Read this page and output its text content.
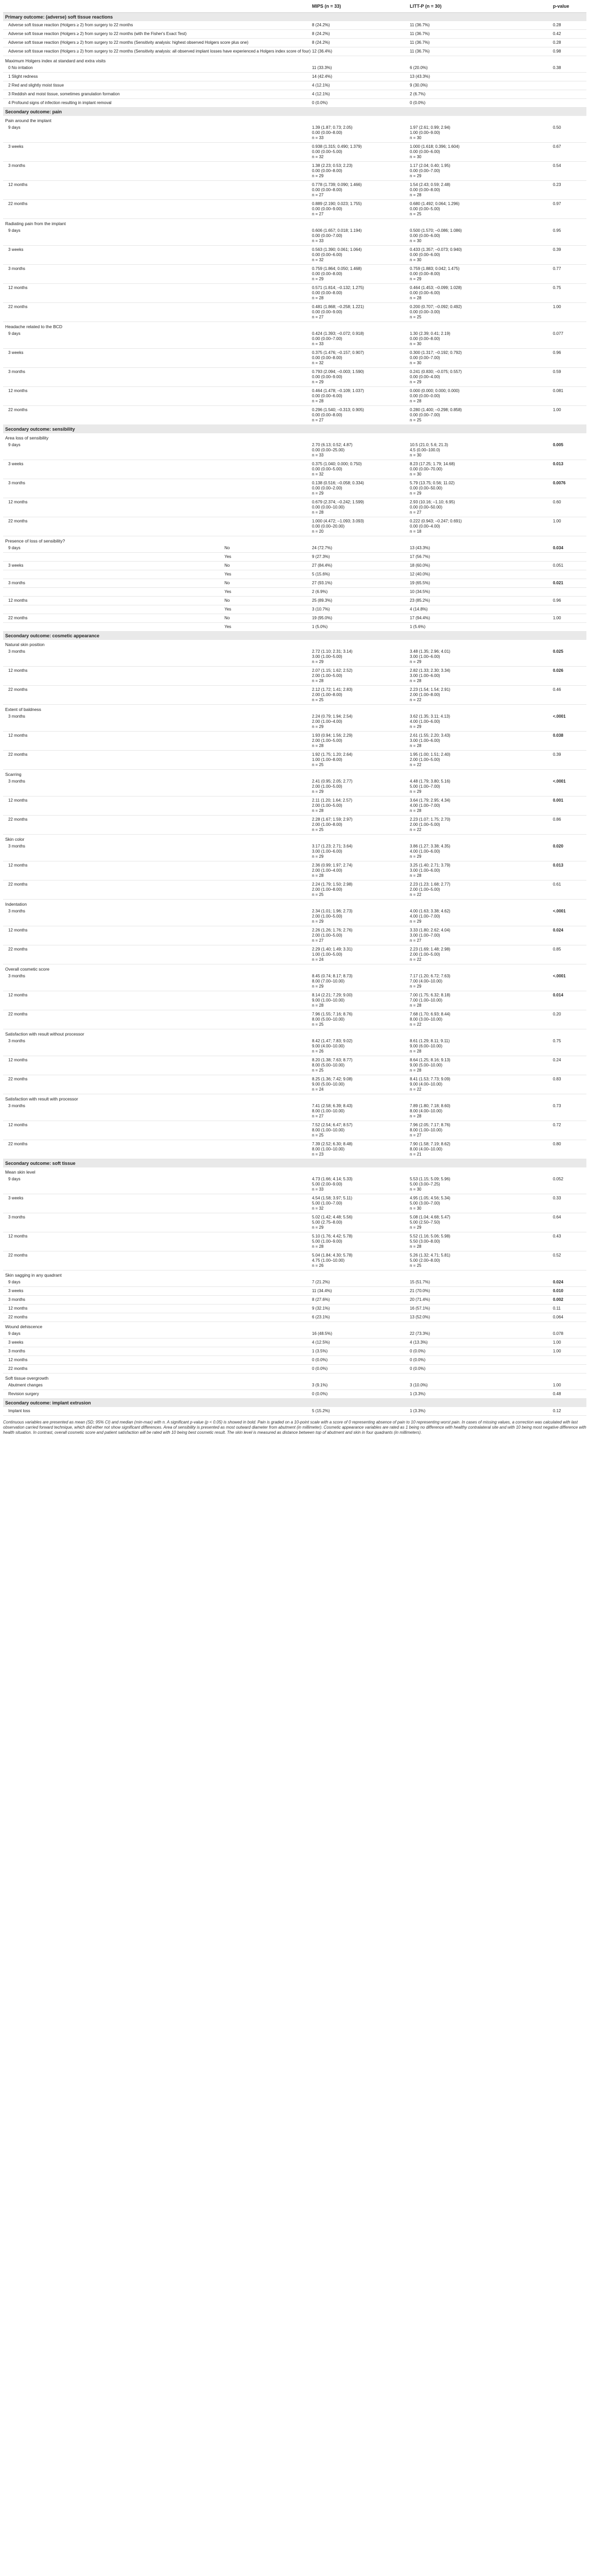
			MIPS (n = 33)	LITT-P (n = 30)	p-value
Primary outcome: (adverse) soft tissue reactions					
Adverse soft tissue reaction (Holgers ≥ 2) from surgery to 22 months			8 (24.2%)	11 (36.7%)	0.28
Adverse soft tissue reaction (Holgers ≥ 2) from surgery to 22 months (with the Fisher's Exact Test)			8 (24.2%)	11 (36.7%)	0.42
Adverse soft tissue reaction (Holgers ≥ 2) from surgery to 22 months (Sensitivity analysis: highest observed Holgers score plus one)			8 (24.2%)	11 (36.7%)	0.28
Adverse soft tissue reaction (Holgers ≥ 2) from surgery to 22 months (Sensitivity analysis: all observed implant losses have experienced a Holgers index score of four)			12 (36.4%)	11 (36.7%)	0.98
Maximum Holgers index at standard and extra visits					
0 No irritation			11 (33.3%)	6 (20.0%)	0.38
1 Slight redness			14 (42.4%)	13 (43.3%)	

2 Red and slightly moist tissue			4 (12.1%)	9 (30.0%)	

3 Reddish and moist tissue, sometimes granulation formation			4 (12.1%)	2 (6.7%)	

4 Profound signs of infection resulting in implant removal			0 (0.0%)	0 (0.0%)	

Secondary outcome: pain					
Pain around the implant					
9 days			1.39 (1.87; 0.73; 2.05)
0.00 (0.00–8.00)
n = 33	1.97 (2.61; 0.99; 2.94)
1.00 (0.00–9.00)
n = 30	0.50
3 weeks			0.938 (1.315; 0.490; 1.379)
0.00 (0.00–5.00)
n = 32	1.000 (1.618; 0.396; 1.604)
0.00 (0.00–6.00)
n = 30	0.67
3 months			1.38 (2.23; 0.53; 2.23)
0.00 (0.00–8.00)
n = 29	1.17 (2.04; 0.40; 1.95)
0.00 (0.00–7.00)
n = 29	0.54
12 months			0.778 (1.739; 0.090; 1.466)
0.00 (0.00–8.00)
n = 27	1.54 (2.43; 0.59; 2.48)
0.00 (0.00–8.00)
n = 28	0.23
22 months			0.889 (2.190; 0.023; 1.755)
0.00 (0.00–9.00)
n = 27	0.680 (1.492; 0.064; 1.296)
0.00 (0.00–5.00)
n = 25	0.97
Radiating pain from the implant					
9 days			0.606 (1.657; 0.018; 1.194)
0.00 (0.00–7.00)
n = 33	0.500 (1.570; –0.086; 1.086)
0.00 (0.00–6.00)
n = 30	0.95
3 weeks			0.563 (1.390; 0.061; 1.064)
0.00 (0.00–6.00)
n = 32	0.433 (1.357; –0.073; 0.940)
0.00 (0.00–6.00)
n = 30	0.39
3 months			0.759 (1.864; 0.050; 1.468)
0.00 (0.00–8.00)
n = 29	0.759 (1.883; 0.042; 1.475)
0.00 (0.00–8.00)
n = 29	0.77
12 months			0.571 (1.814; –0.132; 1.275)
0.00 (0.00–8.00)
n = 28	0.464 (1.453; –0.099; 1.028)
0.00 (0.00–6.00)
n = 28	0.75
22 months			0.481 (1.868; –0.258; 1.221)
0.00 (0.00–9.00)
n = 27	0.200 (0.707; –0.092; 0.492)
0.00 (0.00–3.00)
n = 25	1.00
Headache related to the BCD					
9 days			0.424 (1.393; –0.072; 0.918)
0.00 (0.00–7.00)
n = 33	1.30 (2.39; 0.41; 2.19)
0.00 (0.00–8.00)
n = 30	0.077
3 weeks			0.375 (1.476; –0.157; 0.907)
0.00 (0.00–8.00)
n = 32	0.300 (1.317; –0.192; 0.792)
0.00 (0.00–7.00)
n = 30	0.96
3 months			0.793 (2.094; –0.003; 1.590)
0.00 (0.00–9.00)
n = 29	0.241 (0.830; –0.075; 0.557)
0.00 (0.00–4.00)
n = 29	0.59
12 months			0.464 (1.478; –0.109; 1.037)
0.00 (0.00–6.00)
n = 28	0.000 (0.000; 0.000; 0.000)
0.00 (0.00–0.00)
n = 28	0.081
22 months			0.296 (1.540; –0.313; 0.905)
0.00 (0.00–8.00)
n = 27	0.280 (1.400; –0.298; 0.858)
0.00 (0.00–7.00)
n = 25	1.00
Secondary outcome: sensibility					
Area loss of sensibility					
9 days			2.70 (6.13; 0.52; 4.87)
0.00 (0.00–25.00)
n = 33	10.5 (21.0; 5.6; 21.3)
4.5 (0.00–100.0)
n = 30	0.005
3 weeks			0.375 (1.040; 0.000; 0.750)
0.00 (0.00–5.00)
n = 32	8.23 (17.25; 1.79; 14.68)
0.00 (0.00–70.00)
n = 30	0.013
3 months			0.138 (0.516; –0.058; 0.334)
0.00 (0.00–2.00)
n = 29	5.79 (13.75; 0.56; 11.02)
0.00 (0.00–50.00)
n = 29	0.0076
12 months			0.679 (2.374; –0.242; 1.599)
0.00 (0.00–10.00)
n = 28	2.93 (10.16; –1.10; 6.95)
0.00 (0.00–50.00)
n = 27	0.60
22 months			1.000 (4.472; –1.093; 3.093)
0.00 (0.00–20.00)
n = 20	0.222 (0.943; –0.247; 0.691)
0.00 (0.00–4.00)
n = 18	1.00
Presence of loss of sensibility?					
9 days		No	24 (72.7%)	13 (43.3%)	0.034
		Yes	9 (27.3%)	17 (56.7%)	

3 weeks		No	27 (84.4%)	18 (60.0%)	0.051
		Yes	5 (15.6%)	12 (40.0%)	

3 months		No	27 (93.1%)	19 (65.5%)	0.021
		Yes	2 (6.9%)	10 (34.5%)	

12 months		No	25 (89.3%)	23 (85.2%)	0.96
		Yes	3 (10.7%)	4 (14.8%)	

22 months		No	19 (95.0%)	17 (94.4%)	1.00
		Yes	1 (5.0%)	1 (5.6%)	

Secondary outcome: cosmetic appearance					
Natural skin position					
3 months			2.72 (1.10; 2.31; 3.14)
3.00 (1.00–5.00)
n = 29	3.48 (1.35; 2.96; 4.01)
3.00 (1.00–6.00)
n = 29	0.025
12 months			2.07 (1.15; 1.62; 2.52)
2.00 (1.00–5.00)
n = 28	2.82 (1.33; 2.30; 3.34)
3.00 (1.00–6.00)
n = 28	0.026
22 months			2.12 (1.72; 1.41; 2.83)
2.00 (1.00–8.00)
n = 25	2.23 (1.54; 1.54; 2.91)
2.00 (1.00–8.00)
n = 22	0.46
Extent of baldness					
3 months			2.24 (0.79; 1.94; 2.54)
2.00 (1.00–4.00)
n = 29	3.62 (1.35; 3.11; 4.13)
4.00 (1.00–6.00)
n = 29	<.0001
12 months			1.93 (0.94; 1.56; 2.29)
2.00 (1.00–5.00)
n = 28	2.61 (1.55; 2.20; 3.43)
3.00 (1.00–6.00)
n = 28	0.038
22 months			1.92 (1.75; 1.20; 2.64)
1.00 (1.00–8.00)
n = 25	1.95 (1.00; 1.51; 2.40)
2.00 (1.00–5.00)
n = 22	0.39
Scarring					
3 months			2.41 (0.95; 2.05; 2.77)
2.00 (1.00–5.00)
n = 29	4.48 (1.79; 3.80; 5.16)
5.00 (1.00–7.00)
n = 29	<.0001
12 months			2.11 (1.20; 1.64; 2.57)
2.00 (1.00–5.00)
n = 28	3.64 (1.79; 2.95; 4.34)
4.00 (1.00–7.00)
n = 28	0.001
22 months			2.28 (1.67; 1.59; 2.97)
2.00 (1.00–8.00)
n = 25	2.23 (1.07; 1.75; 2.70)
2.00 (1.00–5.00)
n = 22	0.86
Skin color					
3 months			3.17 (1.23; 2.71; 3.64)
3.00 (1.00–6.00)
n = 29	3.86 (1.27; 3.38; 4.35)
4.00 (1.00–6.00)
n = 29	0.020
12 months			2.36 (0.99; 1.97; 2.74)
2.00 (1.00–4.00)
n = 28	3.25 (1.40; 2.71; 3.79)
3.00 (1.00–6.00)
n = 28	0.013
22 months			2.24 (1.79; 1.50; 2.98)
2.00 (1.00–8.00)
n = 25	2.23 (1.23; 1.68; 2.77)
2.00 (1.00–5.00)
n = 22	0.61
Indentation					
3 months			2.34 (1.01; 1.96; 2.73)
2.00 (1.00–5.00)
n = 29	4.00 (1.63; 3.38; 4.62)
4.00 (1.00–7.00)
n = 29	<.0001
12 months			2.26 (1.26; 1.76; 2.76)
2.00 (1.00–5.00)
n = 27	3.33 (1.80; 2.62; 4.04)
3.00 (1.00–7.00)
n = 27	0.024
22 months			2.29 (1.40; 1.49; 3.31)
1.00 (1.00–5.00)
n = 24	2.23 (1.69; 1.48; 2.98)
2.00 (1.00–5.00)
n = 22	0.85
Overall cosmetic score					
3 months			8.45 (0.74; 8.17; 8.73)
8.00 (7.00–10.00)
n = 29	7.17 (1.20; 6.72; 7.63)
7.00 (4.00–10.00)
n = 29	<.0001
12 months			8.14 (2.21; 7.29; 9.00)
9.00 (1.00–10.00)
n = 28	7.00 (1.75; 6.32; 8.18)
7.00 (1.00–10.00)
n = 28	0.014
22 months			7.96 (1.55; 7.16; 8.76)
8.00 (5.00–10.00)
n = 25	7.68 (1.70; 6.93; 8.44)
8.00 (3.00–10.00)
n = 22	0.20
Satisfaction with result without processor					
3 months			8.42 (1.47; 7.83; 9.02)
9.00 (4.00–10.00)
n = 26	8.61 (1.29; 8.11; 9.11)
9.00 (6.00–10.00)
n = 28	0.75
12 months			8.20 (1.38; 7.63; 8.77)
8.00 (5.00–10.00)
n = 25	8.64 (1.25; 8.16; 9.13)
9.00 (5.00–10.00)
n = 28	0.24
22 months			8.25 (1.36; 7.42; 9.08)
9.00 (5.00–10.00)
n = 24	8.41 (1.53; 7.73; 9.09)
9.00 (4.00–10.00)
n = 22	0.83
Satisfaction with result with processor					
3 months			7.41 (2.58; 6.39; 8.43)
8.00 (1.00–10.00)
n = 27	7.89 (1.80; 7.18; 8.60)
8.00 (4.00–10.00)
n = 28	0.73
12 months			7.52 (2.54; 6.47; 8.57)
8.00 (1.00–10.00)
n = 25	7.96 (2.05; 7.17; 8.76)
8.00 (1.00–10.00)
n = 27	0.72
22 months			7.39 (2.52; 6.30; 8.48)
8.00 (1.00–10.00)
n = 23	7.90 (1.58; 7.19; 8.62)
8.00 (4.00–10.00)
n = 21	0.80
Secondary outcome: soft tissue					
Mean skin level					
9 days			4.73 (1.66; 4.14; 5.33)
5.00 (2.00–9.00)
n = 33	5.53 (1.15; 5.09; 5.96)
5.00 (3.00–7.25)
n = 30	0.052
3 weeks			4.54 (1.58; 3.97; 5.11)
5.00 (1.00–7.00)
n = 32	4.95 (1.05; 4.56; 5.34)
5.00 (3.00–7.00)
n = 30	0.33
3 months			5.02 (1.42; 4.48; 5.56)
5.00 (2.75–8.00)
n = 29	5.08 (1.04; 4.68; 5.47)
5.00 (2.50–7.50)
n = 29	0.64
12 months			5.10 (1.76; 4.42; 5.78)
5.00 (1.00–9.00)
n = 28	5.52 (1.16; 5.06; 5.98)
5.50 (3.00–8.00)
n = 28	0.43
22 months			5.04 (1.84; 4.30; 5.78)
4.75 (1.00–10.00)
n = 26	5.26 (1.32; 4.71; 5.81)
5.00 (2.00–8.00)
n = 25	0.52
Skin sagging in any quadrant					
9 days			7 (21.2%)	15 (51.7%)	0.024
3 weeks			11 (34.4%)	21 (70.0%)	0.010
3 months			8 (27.6%)	20 (71.4%)	0.002
12 months			9 (32.1%)	16 (57.1%)	0.11
22 months			6 (23.1%)	13 (52.0%)	0.064
Wound dehiscence					
9 days			16 (48.5%)	22 (73.3%)	0.078
3 weeks			4 (12.5%)	4 (13.3%)	1.00
3 months			1 (3.5%)	0 (0.0%)	1.00
12 months			0 (0.0%)	0 (0.0%)	

22 months			0 (0.0%)	0 (0.0%)	

Soft tissue overgrowth					
Abutment changes			3 (9.1%)	3 (10.0%)	1.00
Revision surgery			0 (0.0%)	1 (3.3%)	0.48
Secondary outcome: implant extrusion					
Implant loss			5 (15.2%)	1 (3.3%)	0.12
Continuous variables are presented as mean (SD; 95% CI) and median (min-max) with n. A significant p-value (p < 0.05) is showed in bold. Pain is graded on a 10-point scale with a score of 0 representing absence of pain to 10 representing worst pain. In cases of missing values, a correction was calculated with last observation carried forward technique, which did either not show significant differences. Area of sensibility is presented as most outward diameter from abutment (in millimeter). Cosmetic appearance variables are rated as 1 being no difference with healthy contralateral site and with 10 being most negative difference with health situation. In contrast, overall cosmetic score and patient satisfaction will be rated with 10 being best cosmetic result. The skin level is measured as distance between top of abutment and skin in four quadrants (in millimeters).
